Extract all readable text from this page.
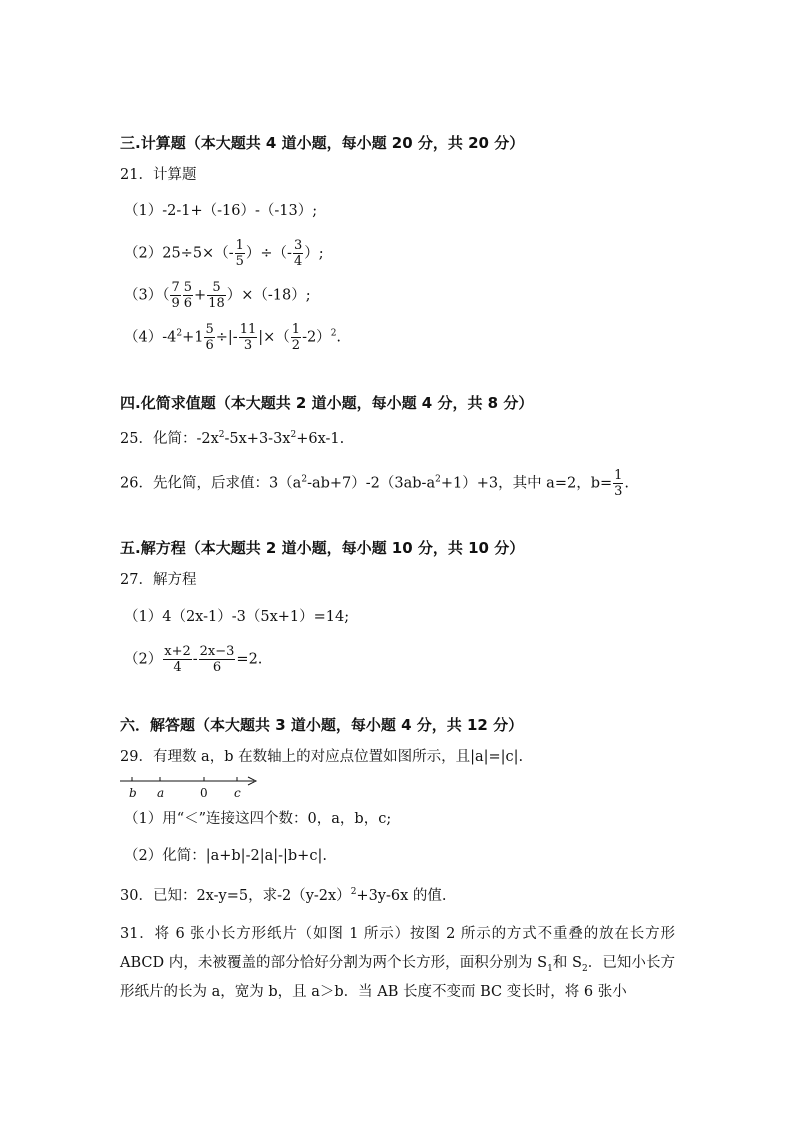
三.计算题（本大题共 4 道小题，每小题 20 分，共 20 分）
21．计算题
（1）-2-1+（-16）-（-13）;
$(2)25\div 5\times(- \frac{1}{5}$ ）÷（- $\frac{3}{4}$ ）;
$(3)( \frac{7}{9} \frac{5}{6} + \frac{5}{18} )\times(-18)$;
$(4)-4^2+1 \frac{5}{6}$ ÷|- $\frac{11}{3}$ |×（ $\frac{1}{2} -2)^2$.
四.化简求值题（本大题共 2 道小题，每小题 4 分，共 8 分）
25．化简：$-2x^2-5x+3-3x^2+6x-1$.
26．先化简，后求值：$3(a^2-ab+7)-2(3ab-a^2+1)+3$，其中 a=2，$b= \frac{1}{3}$ .
五.解方程（本大题共 2 道小题，每小题 10 分，共 10 分）
27．解方程
（1）4（2x-1）-3（5x+1）=14;
$(2) \frac{x+2}{4} - \frac{2x-3}{6} =2$.
六．解答题（本大题共 3 道小题，每小题 4 分，共 12 分）
29．有理数 a，b 在数轴上的对应点位置如图所示，且|a|=|c|.
b a	0 c
（1）用“＜”连接这四个数：0，a，b，c;
（2）化简：|a+b|-2|a|-|b+c|.
30．已知：2x-y=5，求$-2(y-2x)^2+3y-6x$ 的值.
31．将 6 张小长方形纸片（如图 1 所示）按图 2 所示的方式不重叠的放在长方形 ABCD 内，未被覆盖的部分恰好分割为两个长方形，面积分别为 $S_1$和 $S_2$．已知小长方形纸片的长为 a，宽为 b，且 a＞b．当 AB 长度不变而 BC 变长时，将 6 张小
